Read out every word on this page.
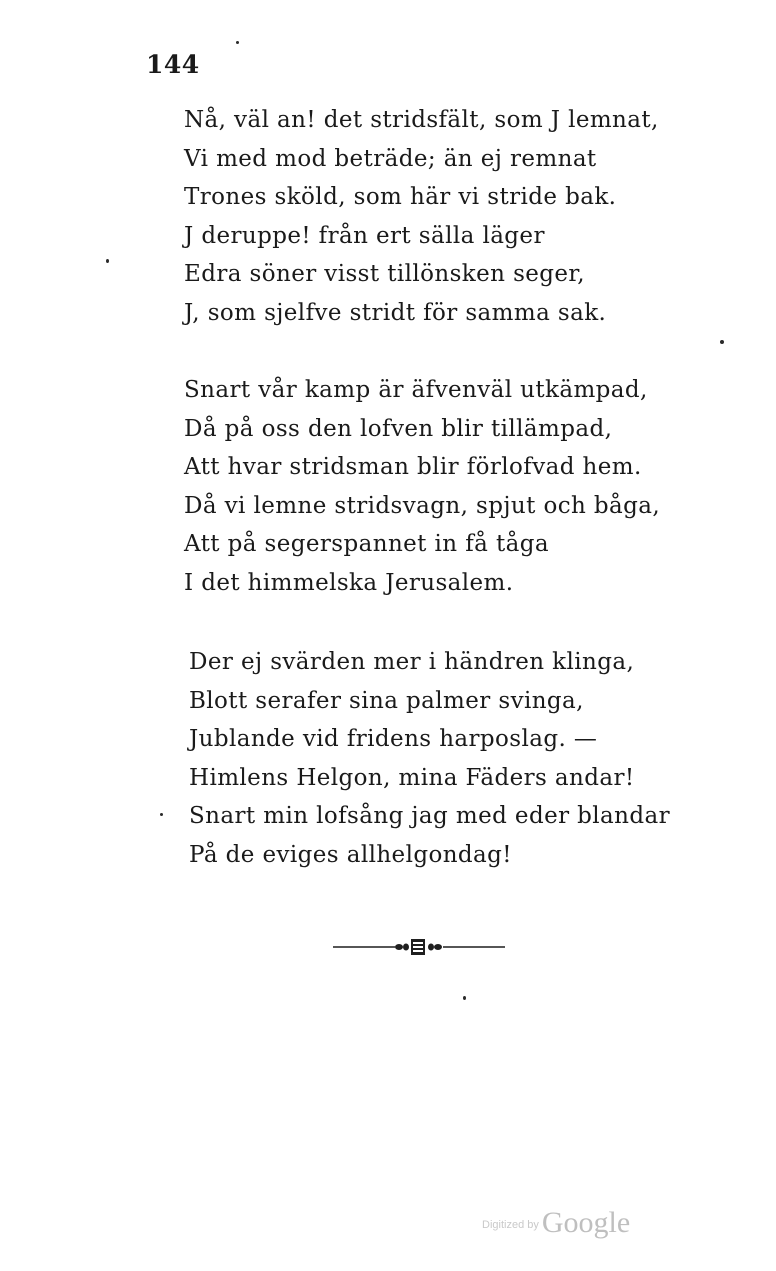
144
Nå, väl an! det stridsfält, som J lemnat,
Vi med mod beträde; än ej remnat
Trones sköld, som här vi stride bak.
J deruppe! från ert sälla läger
Edra söner visst tillönsken seger,
J, som sjelfve stridt för samma sak.
Snart vår kamp är äfvenväl utkämpad,
Då på oss den lofven blir tillämpad,
Att hvar stridsman blir förlofvad hem.
Då vi lemne stridsvagn, spjut och båga,
Att på segerspannet in få tåga
I det himmelska Jerusalem.
Der ej svärden mer i händren klinga,
Blott serafer sina palmer svinga,
Jublande vid fridens harposlag. —
Himlens Helgon, mina Fäders andar!
Snart min lofsång jag med eder blandar
På de eviges allhelgondag!
$^{Digitized by}$ Google
